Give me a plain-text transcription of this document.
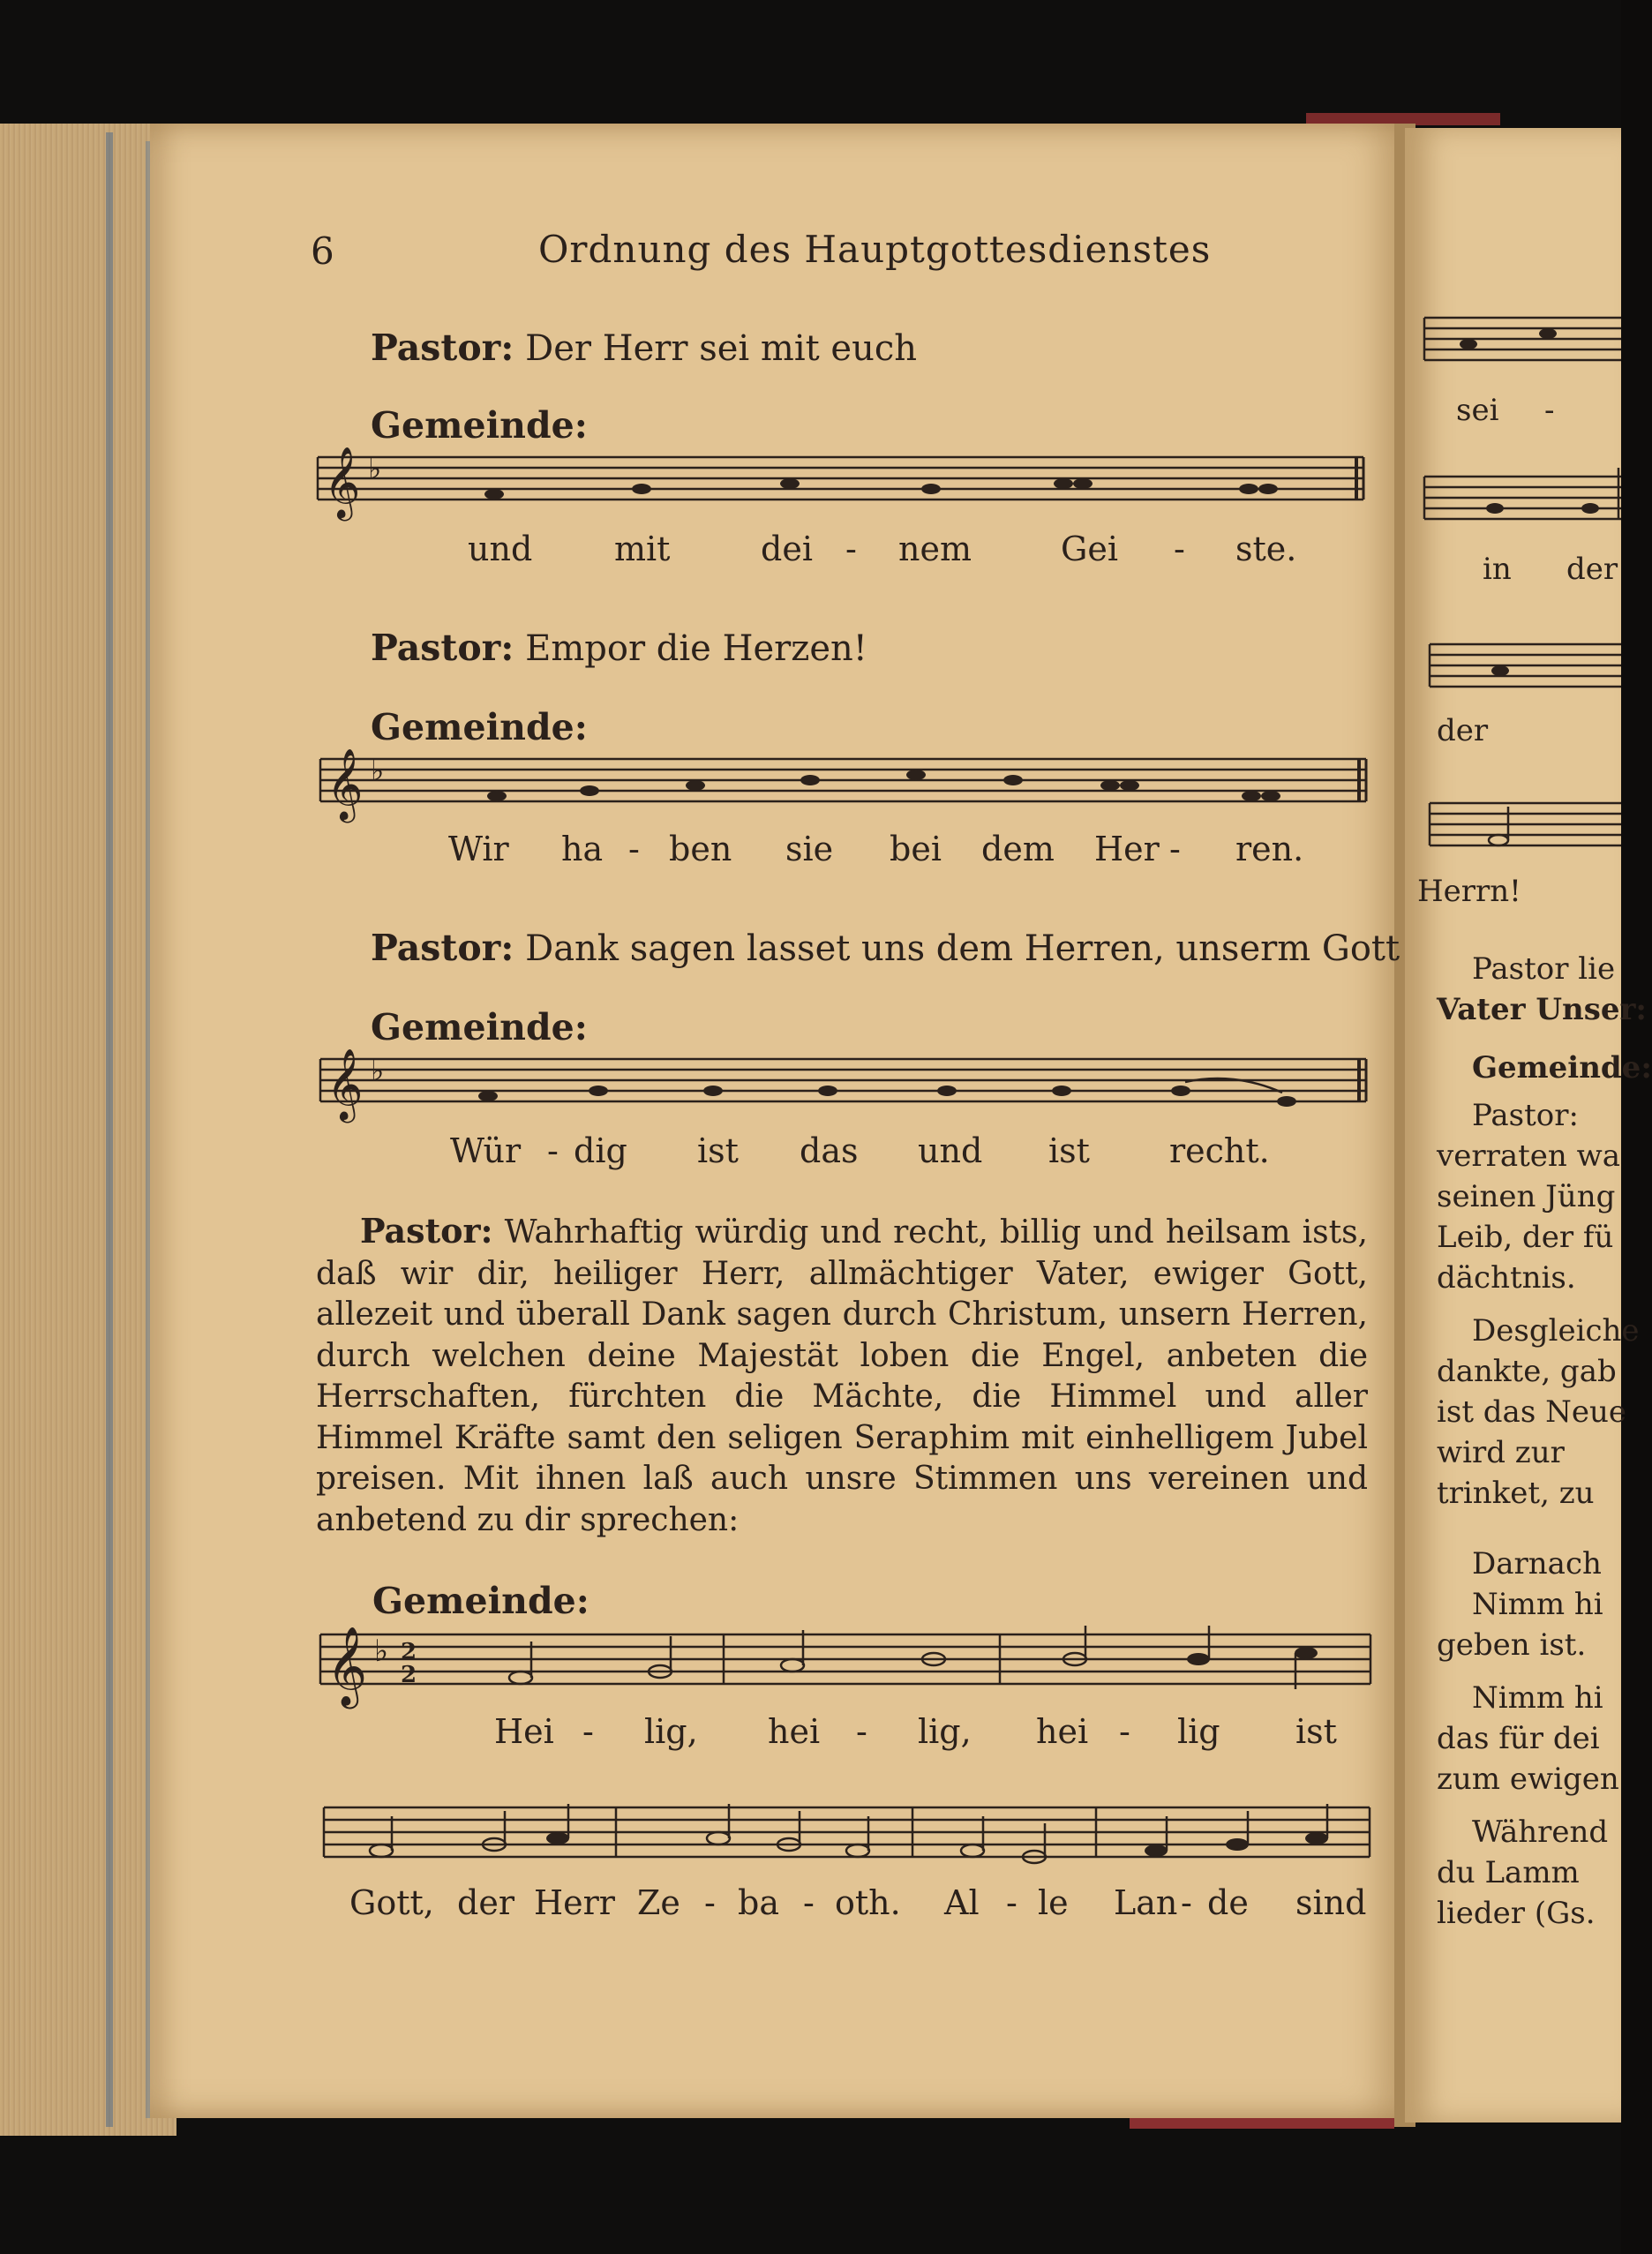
6	Ordnung des Hauptgottesdienstes
Pastor: Der Herr sei mit euch
Gemeinde:
𝄞 ♭
und mit	dei - nem	Gei - ste.
Pastor: Empor die Herzen!
Gemeinde:
𝄞 ♭
Wir ha - ben sie bei dem Her - ren.
Pastor: Dank sagen lasset uns dem Herren, unserm Gott
Gemeinde:
𝄞 ♭
Wür - dig ist das und ist recht.
Pastor: Wahrhaftig würdig und recht, billig und heilsam ists, daß wir dir, heiliger Herr, allmächtiger Vater, ewiger Gott, allezeit und überall Dank sagen durch Christum, unsern Herren, durch welchen deine Majestät loben die Engel, anbeten die Herrschaften, fürchten die Mächte, die Himmel und aller Himmel Kräfte samt den seligen Seraphim mit einhelligem Jubel preisen. Mit ihnen laß auch unsre Stimmen uns vereinen und anbetend zu dir sprechen:
Gemeinde:
𝄞 ♭ 2
2
Hei - lig, hei - lig, hei - lig ist
Gott, der Herr Ze - ba - oth. Al - le Lan - de sind
sei -
in der
der
Herrn!
Pastor lie
Vater Unser:
Gemeinde:
Pastor:
verraten wa
seinen Jüng
Leib, der fü
dächtnis.
Desgleiche
dankte, gab
ist das Neue
wird zur
trinket, zu
Darnach
Nimm hi
geben ist.
Nimm hi
das für dei
zum ewigen
Während
du Lamm
lieder (Gs.
